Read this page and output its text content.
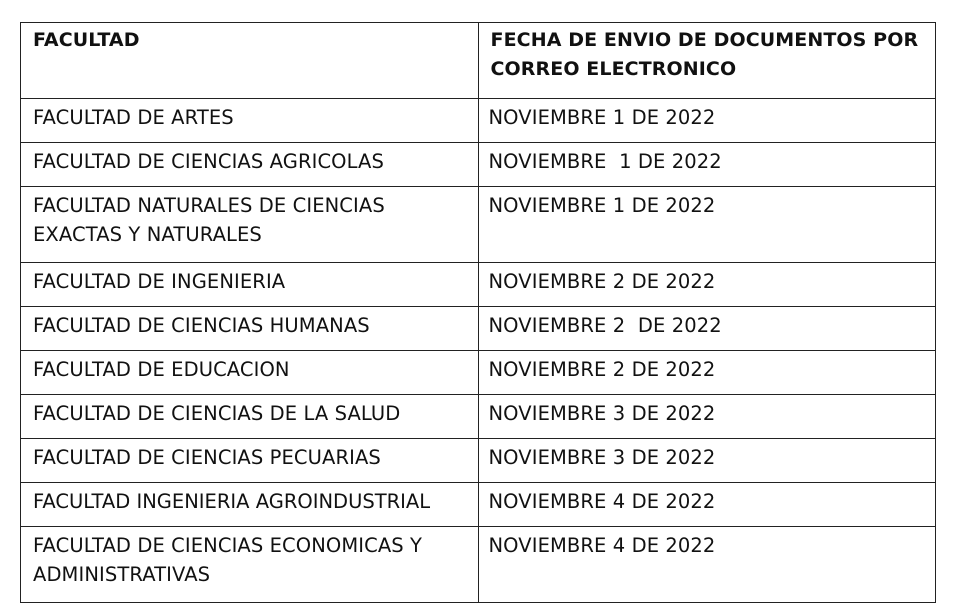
FACULTAD	FECHA DE ENVIO DE DOCUMENTOS POR CORREO ELECTRONICO
FACULTAD DE ARTES	NOVIEMBRE 1 DE 2022
FACULTAD DE CIENCIAS AGRICOLAS	NOVIEMBRE  1 DE 2022
FACULTAD NATURALES DE CIENCIAS EXACTAS Y NATURALES	NOVIEMBRE 1 DE 2022
FACULTAD DE INGENIERIA	NOVIEMBRE 2 DE 2022
FACULTAD DE CIENCIAS HUMANAS	NOVIEMBRE 2  DE 2022
FACULTAD DE EDUCACION	NOVIEMBRE 2 DE 2022
FACULTAD DE CIENCIAS DE LA SALUD	NOVIEMBRE 3 DE 2022
FACULTAD DE CIENCIAS PECUARIAS	NOVIEMBRE 3 DE 2022
FACULTAD INGENIERIA AGROINDUSTRIAL	NOVIEMBRE 4 DE 2022
FACULTAD DE CIENCIAS ECONOMICAS Y ADMINISTRATIVAS	NOVIEMBRE 4 DE 2022
